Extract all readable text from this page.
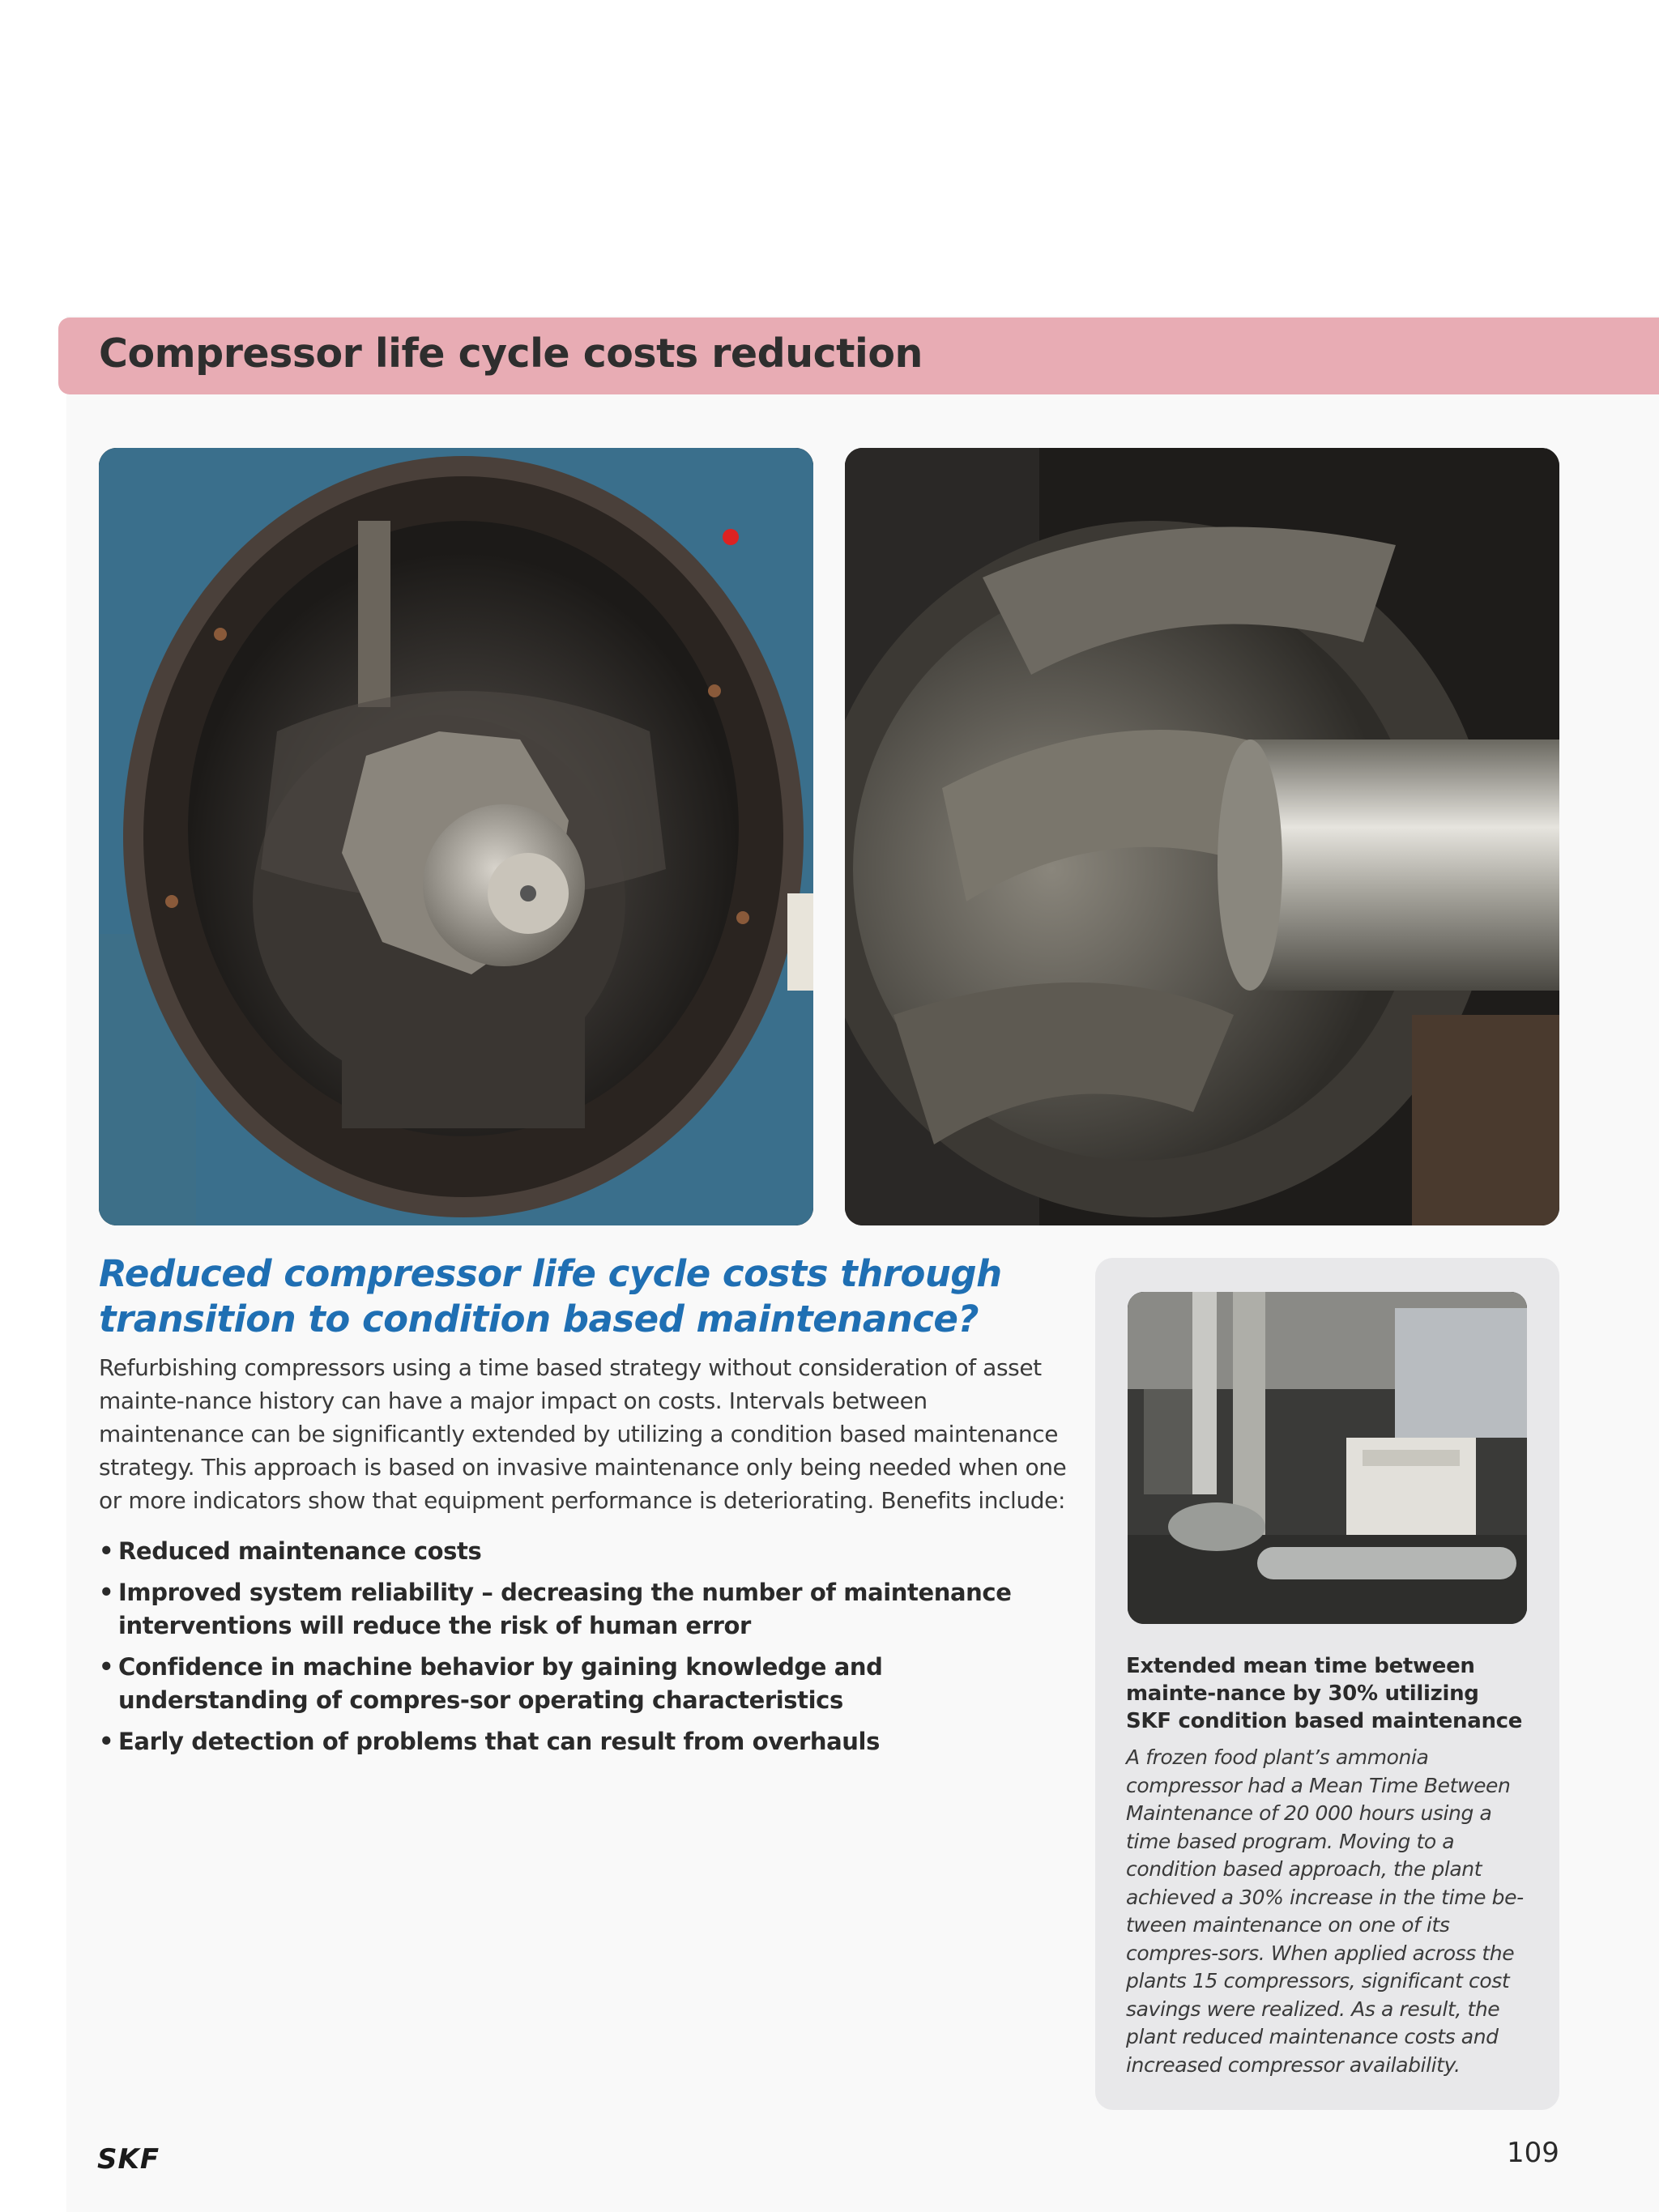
Compressor life cycle costs reduction
Reduced compressor life cycle costs through transition to condition based maintenance?
Refurbishing compressors using a time based strategy without consideration of asset mainte-nance history can have a major impact on costs. Intervals between maintenance can be significantly extended by utilizing a condition based maintenance strategy. This approach is based on invasive maintenance only being needed when one or more indicators show that equipment performance is deteriorating. Benefits include:
• Reduced maintenance costs
• Improved system reliability – decreasing the number of maintenance interventions will reduce the risk of human error
• Confidence in machine behavior by gaining knowledge and understanding of compres-sor operating characteristics
• Early detection of problems that can result from overhauls
Extended mean time between mainte-nance by 30% utilizing SKF condition based maintenance
A frozen food plant’s ammonia compressor had a Mean Time Between Maintenance of 20 000 hours using a time based program. Moving to a condition based approach, the plant achieved a 30% increase in the time be-tween maintenance on one of its compres-sors. When applied across the plants 15 compressors, significant cost savings were realized. As a result, the plant reduced maintenance costs and increased compressor availability.
SKF	109
